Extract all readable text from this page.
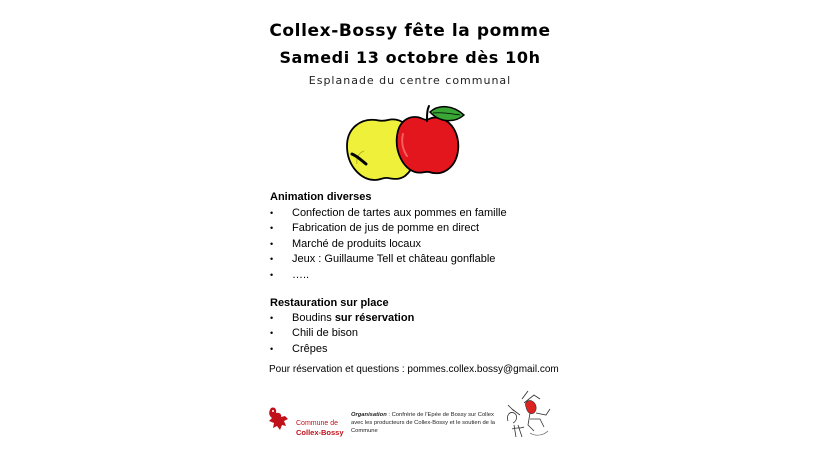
Collex-Bossy fête la pomme
Samedi 13 octobre dès 10h
Esplanade du centre communal
Animation diverses
• Confection de tartes aux pommes en famille
• Fabrication de jus de pomme en direct
• Marché de produits locaux
• Jeux : Guillaume Tell et château gonflable
• …..
Restauration sur place
• Boudins sur réservation
• Chili de bison
• Crêpes
Pour réservation et questions : pommes.collex.bossy@gmail.com
Commune de
Collex-Bossy
Organisation : Confrérie de l'Epée de Bossy sur Collex avec les producteurs de Collex-Bossy et le soutien de la Commune
